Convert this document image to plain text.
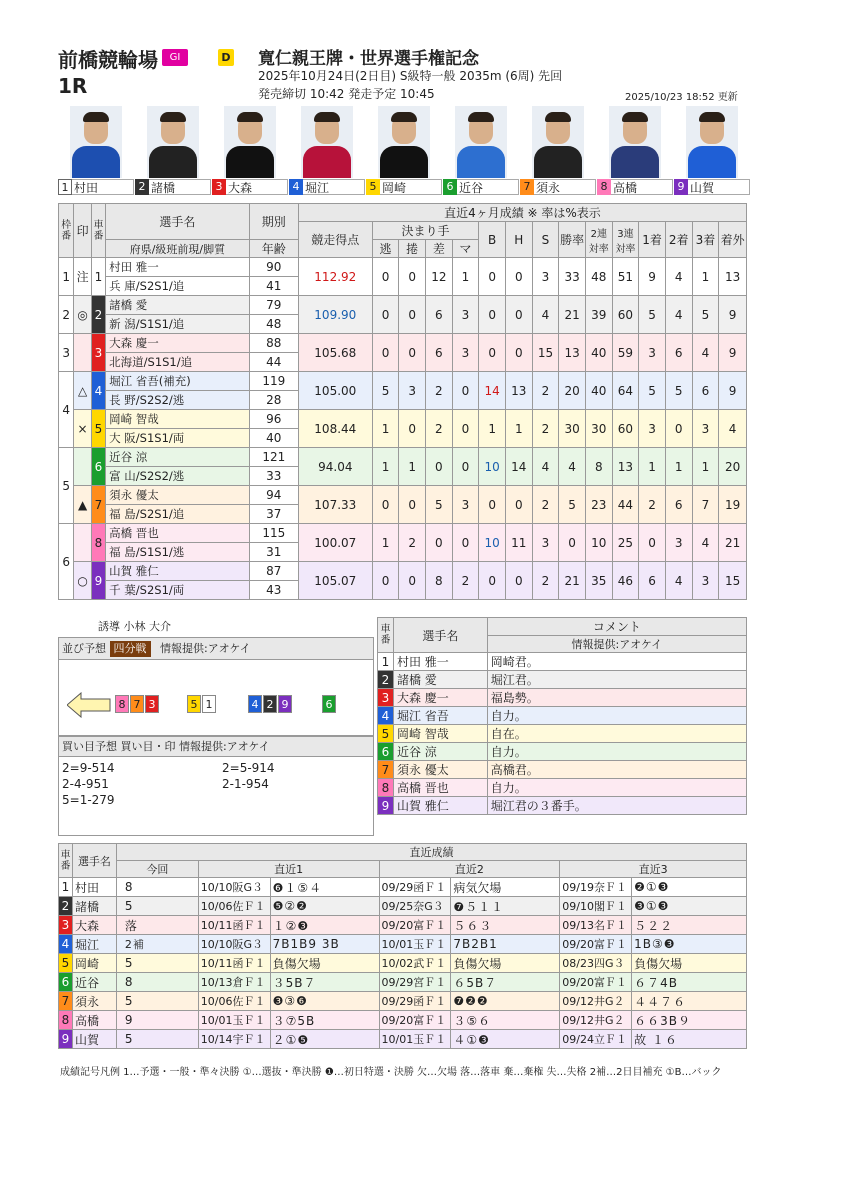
前橋競輪場	GⅠ	D
1R
寛仁親王牌・世界選手権記念
2025年10月24日(2日目) S級特一般 2035m (6周) 先回
発売締切 10:42 発走予定 10:45	2025/10/23 18:52 更新
1 村田	2 諸橋	3 大森	4 堀江	5 岡崎	6 近谷	7 須永	8 高橋	9 山賀
枠番	印	車番	選手名	期別	直近4ヶ月成績 ※ 率は%表示														
					競走得点	決まり手				B	H	S	勝率	2連対率	3連対率	1着	2着	3着	着外
			府県/級班前現/脚質	年齢		逃	捲	差	マ										
1	注	1	村田 雅一	90	112.92	0	0	12	1	0	0	3	33	48	51	9	4	1	13
			兵 庫/S2S1/追	41															
2	◎	2	諸橋 愛	79	109.90	0	0	6	3	0	0	4	21	39	60	5	4	5	9
			新 潟/S1S1/追	48															
3		3	大森 慶一	88	105.68	0	0	6	3	0	0	15	13	40	59	3	6	4	9
			北海道/S1S1/追	44															
4	△	4	堀江 省吾(補充)	119	105.00	5	3	2	0	14	13	2	20	40	64	5	5	6	9
			長 野/S2S2/逃	28															
	×	5	岡崎 智哉	96	108.44	1	0	2	0	1	1	2	30	30	60	3	0	3	4
			大 阪/S1S1/両	40															
5		6	近谷 涼	121	94.04	1	1	0	0	10	14	4	4	8	13	1	1	1	20
			富 山/S2S2/逃	33															
	▲	7	須永 優太	94	107.33	0	0	5	3	0	0	2	5	23	44	2	6	7	19
			福 島/S2S1/追	37															
6		8	高橋 晋也	115	100.07	1	2	0	0	10	11	3	0	10	25	0	3	4	21
			福 島/S1S1/逃	31															
	○	9	山賀 雅仁	87	105.07	0	0	8	2	0	0	2	21	35	46	6	4	3	15
			千 葉/S2S1/両	43															
誘導 小林 大介
並び予想 四分戦 情報提供:アオケイ
8 7 3	5 1	4 2 9	6
買い目予想 買い目・印 情報提供:アオケイ
2=9-514
2-4-951
5=1-279
2=5-914
2-1-954
車番	選手名	コメント
		情報提供:アオケイ
1	村田 雅一	岡崎君。
2	諸橋 愛	堀江君。
3	大森 慶一	福島勢。
4	堀江 省吾	自力。
5	岡崎 智哉	自在。
6	近谷 涼	自力。
7	須永 優太	高橋君。
8	高橋 晋也	自力。
9	山賀 雅仁	堀江君の３番手。
車番	選手名	直近成績						
		今回	直近1		直近2		直近3	
1	村田	8	10/10阪G３	❻１⑤４	09/29函Ｆ１	病気欠場	09/19奈Ｆ１	❷①❸
2	諸橋	5	10/06佐Ｆ１	❺②❷	09/25奈G３	❼５１１	09/10閣Ｆ１	❸①❸
3	大森	落	10/11函Ｆ１	１②❸	09/20富Ｆ１	５６３	09/13名Ｆ１	５２２
4	堀江	2補	10/10阪G３	7B1B9 3B	10/01玉Ｆ１	7B2B1	09/20富Ｆ１	1B③❸
5	岡崎	5	10/11函Ｆ１	負傷欠場	10/02武Ｆ１	負傷欠場	08/23四G３	負傷欠場
6	近谷	8	10/13倉Ｆ１	３5B７	09/29宮Ｆ１	６5B７	09/20富Ｆ１	６７4B
7	須永	5	10/06佐Ｆ１	❸③❻	09/29函Ｆ１	❼❷❷	09/12井G２	４４７６
8	高橋	9	10/01玉Ｆ１	３⑦5B	09/20富Ｆ１	３⑤６	09/12井G２	６６3B９
9	山賀	5	10/14宇Ｆ１	２①❺	10/01玉Ｆ１	４①❸	09/24立Ｆ１	故 １６
成績記号凡例 1…予選・一般・準々決勝 ①…選抜・準決勝 ❶…初日特選・決勝 欠…欠場 落…落車 棄…棄権 失…失格 2補…2日目補充 ①B…バック
